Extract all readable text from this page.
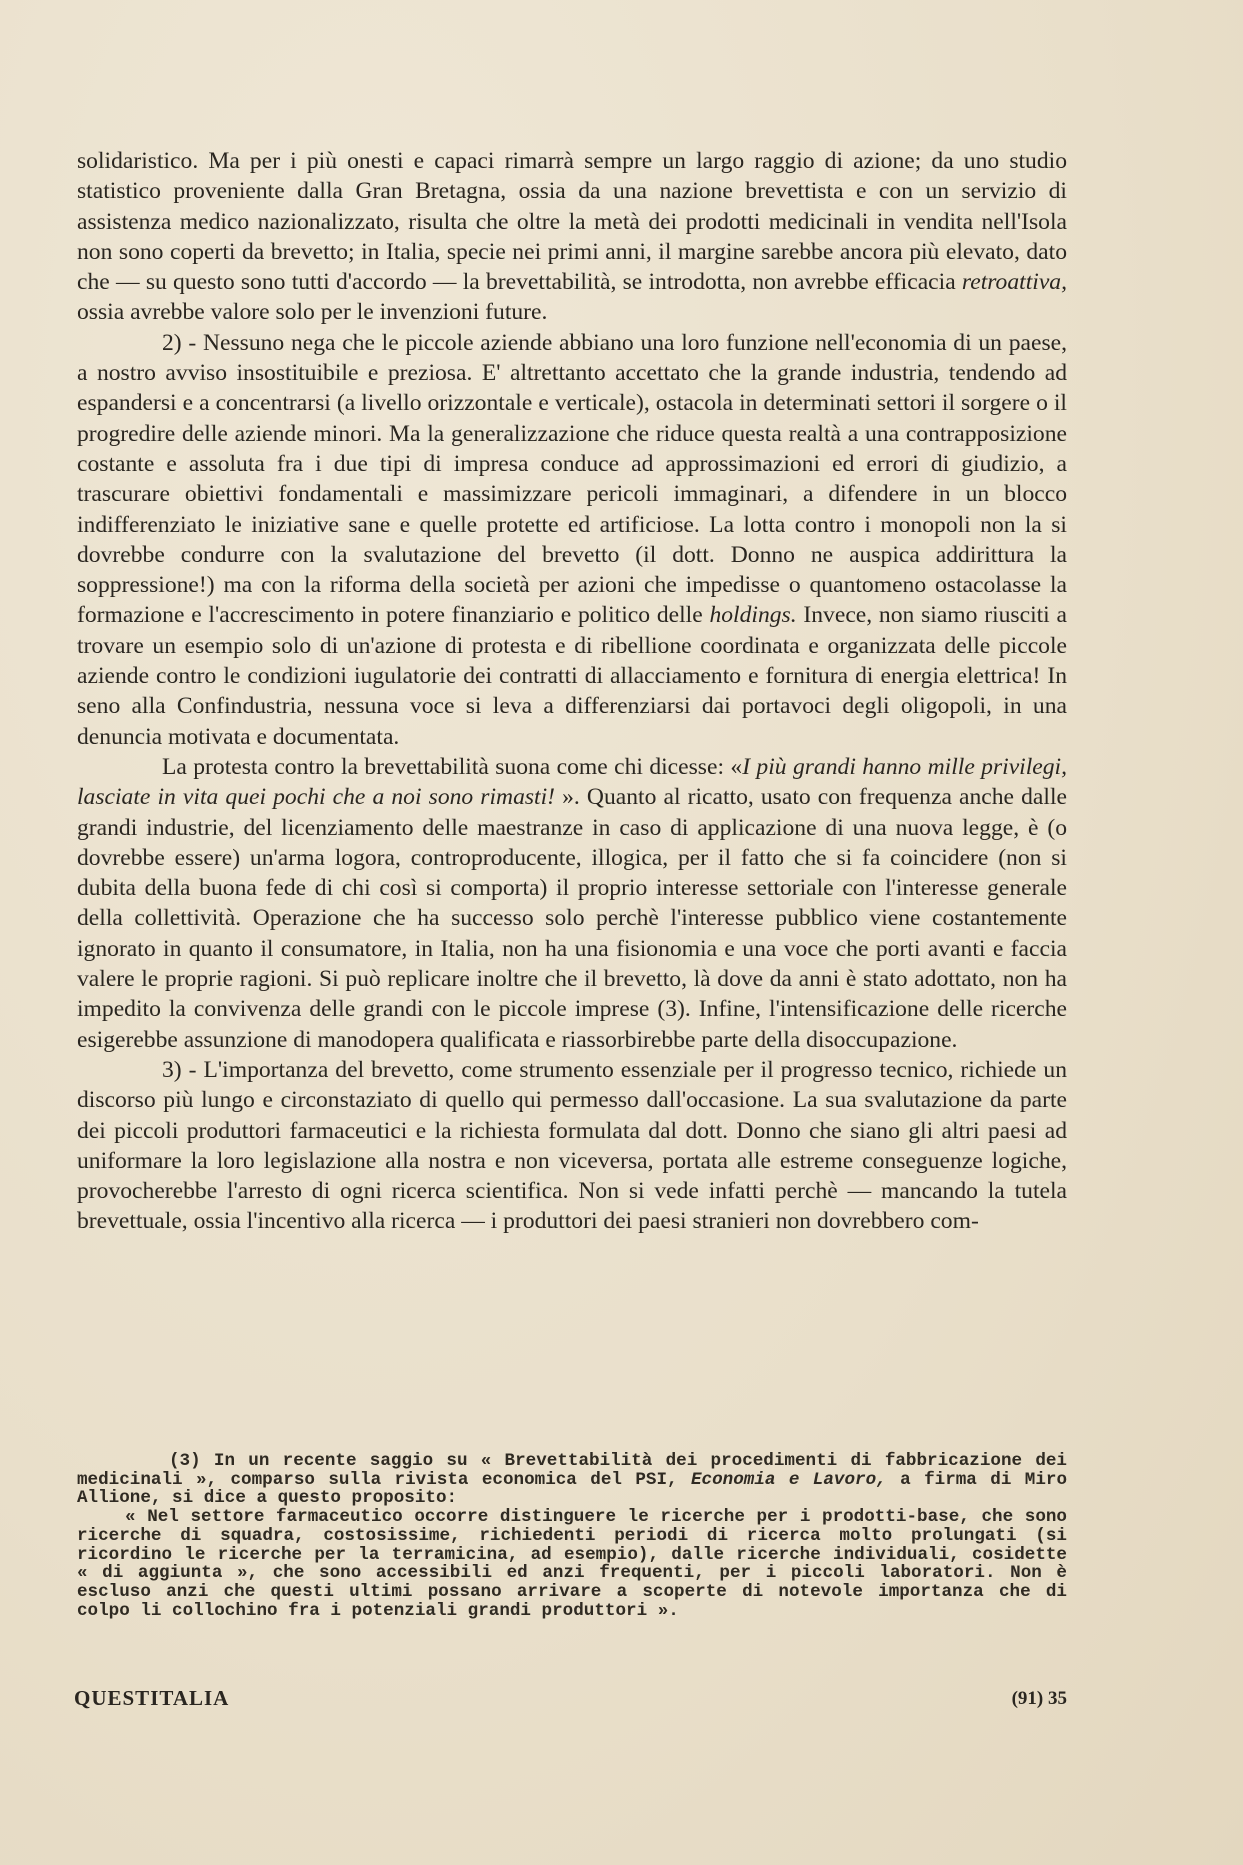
solidaristico. Ma per i più onesti e capaci rimarrà sempre un largo raggio di azione; da uno studio statistico proveniente dalla Gran Bretagna, ossia da una nazione brevettista e con un servizio di assistenza medico nazionalizzato, risulta che oltre la metà dei prodotti medicinali in vendita nell'Isola non sono coperti da brevetto; in Italia, specie nei primi anni, il margine sarebbe ancora più elevato, dato che — su questo sono tutti d'accordo — la brevettabilità, se introdotta, non avrebbe efficacia retroattiva, ossia avrebbe valore solo per le invenzioni future.

2) - Nessuno nega che le piccole aziende abbiano una loro funzione nell'economia di un paese, a nostro avviso insostituibile e preziosa. E' altrettanto accettato che la grande industria, tendendo ad espandersi e a concentrarsi (a livello orizzontale e verticale), ostacola in determinati settori il sorgere o il progredire delle aziende minori. Ma la generalizzazione che riduce questa realtà a una contrapposizione costante e assoluta fra i due tipi di impresa conduce ad approssimazioni ed errori di giudizio, a trascurare obiettivi fondamentali e massimizzare pericoli immaginari, a difendere in un blocco indifferenziato le iniziative sane e quelle protette ed artificiose. La lotta contro i monopoli non la si dovrebbe condurre con la svalutazione del brevetto (il dott. Donno ne auspica addirittura la soppressione!) ma con la riforma della società per azioni che impedisse o quantomeno ostacolasse la formazione e l'accrescimento in potere finanziario e politico delle holdings. Invece, non siamo riusciti a trovare un esempio solo di un'azione di protesta e di ribellione coordinata e organizzata delle piccole aziende contro le condizioni iugulatorie dei contratti di allacciamento e fornitura di energia elettrica! In seno alla Confindustria, nessuna voce si leva a differenziarsi dai portavoci degli oligopoli, in una denuncia motivata e documentata.

La protesta contro la brevettabilità suona come chi dicesse: «I più grandi hanno mille privilegi, lasciate in vita quei pochi che a noi sono rimasti! ». Quanto al ricatto, usato con frequenza anche dalle grandi industrie, del licenziamento delle maestranze in caso di applicazione di una nuova legge, è (o dovrebbe essere) un'arma logora, controproducente, illogica, per il fatto che si fa coincidere (non si dubita della buona fede di chi così si comporta) il proprio interesse settoriale con l'interesse generale della collettività. Operazione che ha successo solo perchè l'interesse pubblico viene costantemente ignorato in quanto il consumatore, in Italia, non ha una fisionomia e una voce che porti avanti e faccia valere le proprie ragioni. Si può replicare inoltre che il brevetto, là dove da anni è stato adottato, non ha impedito la convivenza delle grandi con le piccole imprese (3). Infine, l'intensificazione delle ricerche esigerebbe assunzione di manodopera qualificata e riassorbirebbe parte della disoccupazione.

3) - L'importanza del brevetto, come strumento essenziale per il progresso tecnico, richiede un discorso più lungo e circonstaziato di quello qui permesso dall'occasione. La sua svalutazione da parte dei piccoli produttori farmaceutici e la richiesta formulata dal dott. Donno che siano gli altri paesi ad uniformare la loro legislazione alla nostra e non viceversa, portata alle estreme conseguenze logiche, provocherebbe l'arresto di ogni ricerca scientifica. Non si vede infatti perchè — mancando la tutela brevettuale, ossia l'incentivo alla ricerca — i produttori dei paesi stranieri non dovrebbero com-

(3) In un recente saggio su « Brevettabilità dei procedimenti di fabbricazione dei medicinali », comparso sulla rivista economica del PSI, Economia e Lavoro, a firma di Miro Allione, si dice a questo proposito:

« Nel settore farmaceutico occorre distinguere le ricerche per i prodotti-base, che sono ricerche di squadra, costosissime, richiedenti periodi di ricerca molto prolungati (si ricordino le ricerche per la terramicina, ad esempio), dalle ricerche individuali, cosidette « di aggiunta », che sono accessibili ed anzi frequenti, per i piccoli laboratori. Non è escluso anzi che questi ultimi possano arrivare a scoperte di notevole importanza che di colpo li collochino fra i potenziali grandi produttori ».

QUESTITALIA	(91) 35
